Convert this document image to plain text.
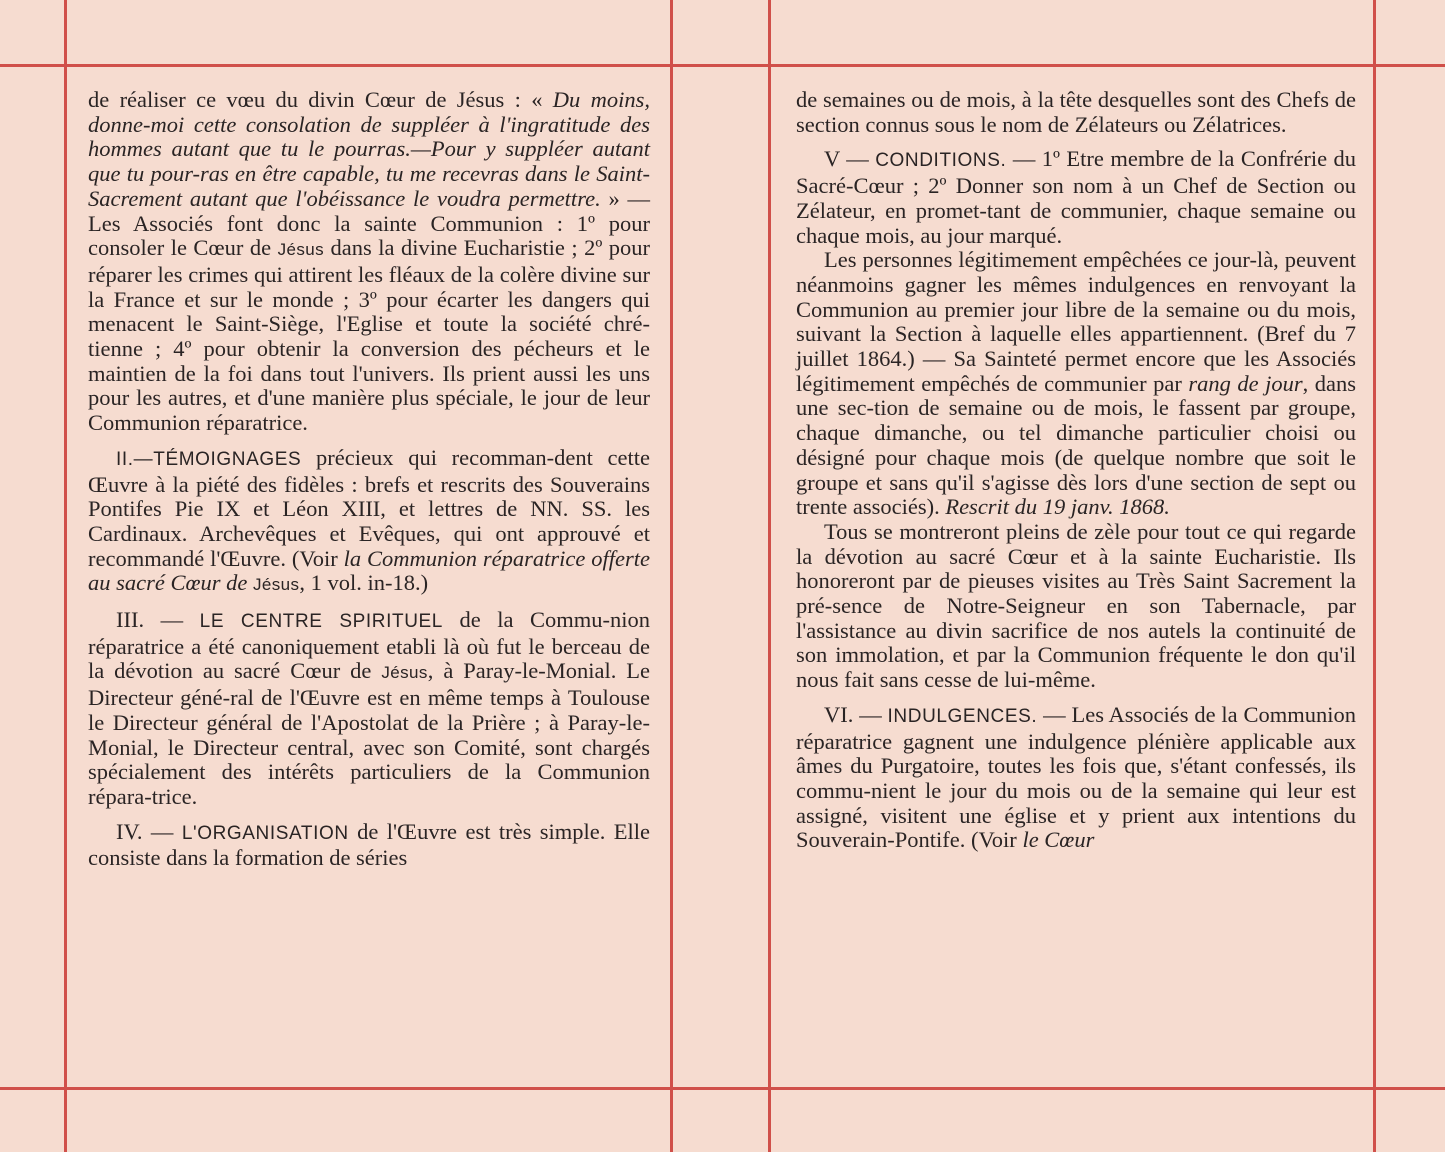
de réaliser ce vœu du divin Cœur de Jésus : « Du moins, donne-moi cette consolation de suppléer à l'ingratitude des hommes autant que tu le pourras.—Pour y suppléer autant que tu pour-ras en être capable, tu me recevras dans le Saint-Sacrement autant que l'obéissance le voudra permettre. » — Les Associés font donc la sainte Communion : 1º pour consoler le Cœur de Jésus dans la divine Eucharistie ; 2º pour réparer les crimes qui attirent les fléaux de la colère divine sur la France et sur le monde ; 3º pour écarter les dangers qui menacent le Saint-Siège, l'Eglise et toute la société chré-tienne ; 4º pour obtenir la conversion des pécheurs et le maintien de la foi dans tout l'univers. Ils prient aussi les uns pour les autres, et d'une manière plus spéciale, le jour de leur Communion réparatrice.

II.—TÉMOIGNAGES précieux qui recomman-dent cette Œuvre à la piété des fidèles : brefs et rescrits des Souverains Pontifes Pie IX et Léon XIII, et lettres de NN. SS. les Cardinaux. Archevêques et Evêques, qui ont approuvé et recommandé l'Œuvre. (Voir la Communion réparatrice offerte au sacré Cœur de Jésus, 1 vol. in-18.)

III. — LE CENTRE SPIRITUEL de la Commu-nion réparatrice a été canoniquement etabli là où fut le berceau de la dévotion au sacré Cœur de Jésus, à Paray-le-Monial. Le Directeur géné-ral de l'Œuvre est en même temps à Toulouse le Directeur général de l'Apostolat de la Prière ; à Paray-le-Monial, le Directeur central, avec son Comité, sont chargés spécialement des intérêts particuliers de la Communion répara-trice.

IV. — L'ORGANISATION de l'Œuvre est très simple. Elle consiste dans la formation de séries

de semaines ou de mois, à la tête desquelles sont des Chefs de section connus sous le nom de Zélateurs ou Zélatrices.

V — CONDITIONS. — 1º Etre membre de la Confrérie du Sacré-Cœur ; 2º Donner son nom à un Chef de Section ou Zélateur, en promet-tant de communier, chaque semaine ou chaque mois, au jour marqué.

Les personnes légitimement empêchées ce jour-là, peuvent néanmoins gagner les mêmes indulgences en renvoyant la Communion au premier jour libre de la semaine ou du mois, suivant la Section à laquelle elles appartiennent. (Bref du 7 juillet 1864.) — Sa Sainteté permet encore que les Associés légitimement empêchés de communier par rang de jour, dans une sec-tion de semaine ou de mois, le fassent par groupe, chaque dimanche, ou tel dimanche particulier choisi ou désigné pour chaque mois (de quelque nombre que soit le groupe et sans qu'il s'agisse dès lors d'une section de sept ou trente associés). Rescrit du 19 janv. 1868.

Tous se montreront pleins de zèle pour tout ce qui regarde la dévotion au sacré Cœur et à la sainte Eucharistie. Ils honoreront par de pieuses visites au Très Saint Sacrement la pré-sence de Notre-Seigneur en son Tabernacle, par l'assistance au divin sacrifice de nos autels la continuité de son immolation, et par la Communion fréquente le don qu'il nous fait sans cesse de lui-même.

VI. — INDULGENCES. — Les Associés de la Communion réparatrice gagnent une indulgence plénière applicable aux âmes du Purgatoire, toutes les fois que, s'étant confessés, ils commu-nient le jour du mois ou de la semaine qui leur est assigné, visitent une église et y prient aux intentions du Souverain-Pontife. (Voir le Cœur
